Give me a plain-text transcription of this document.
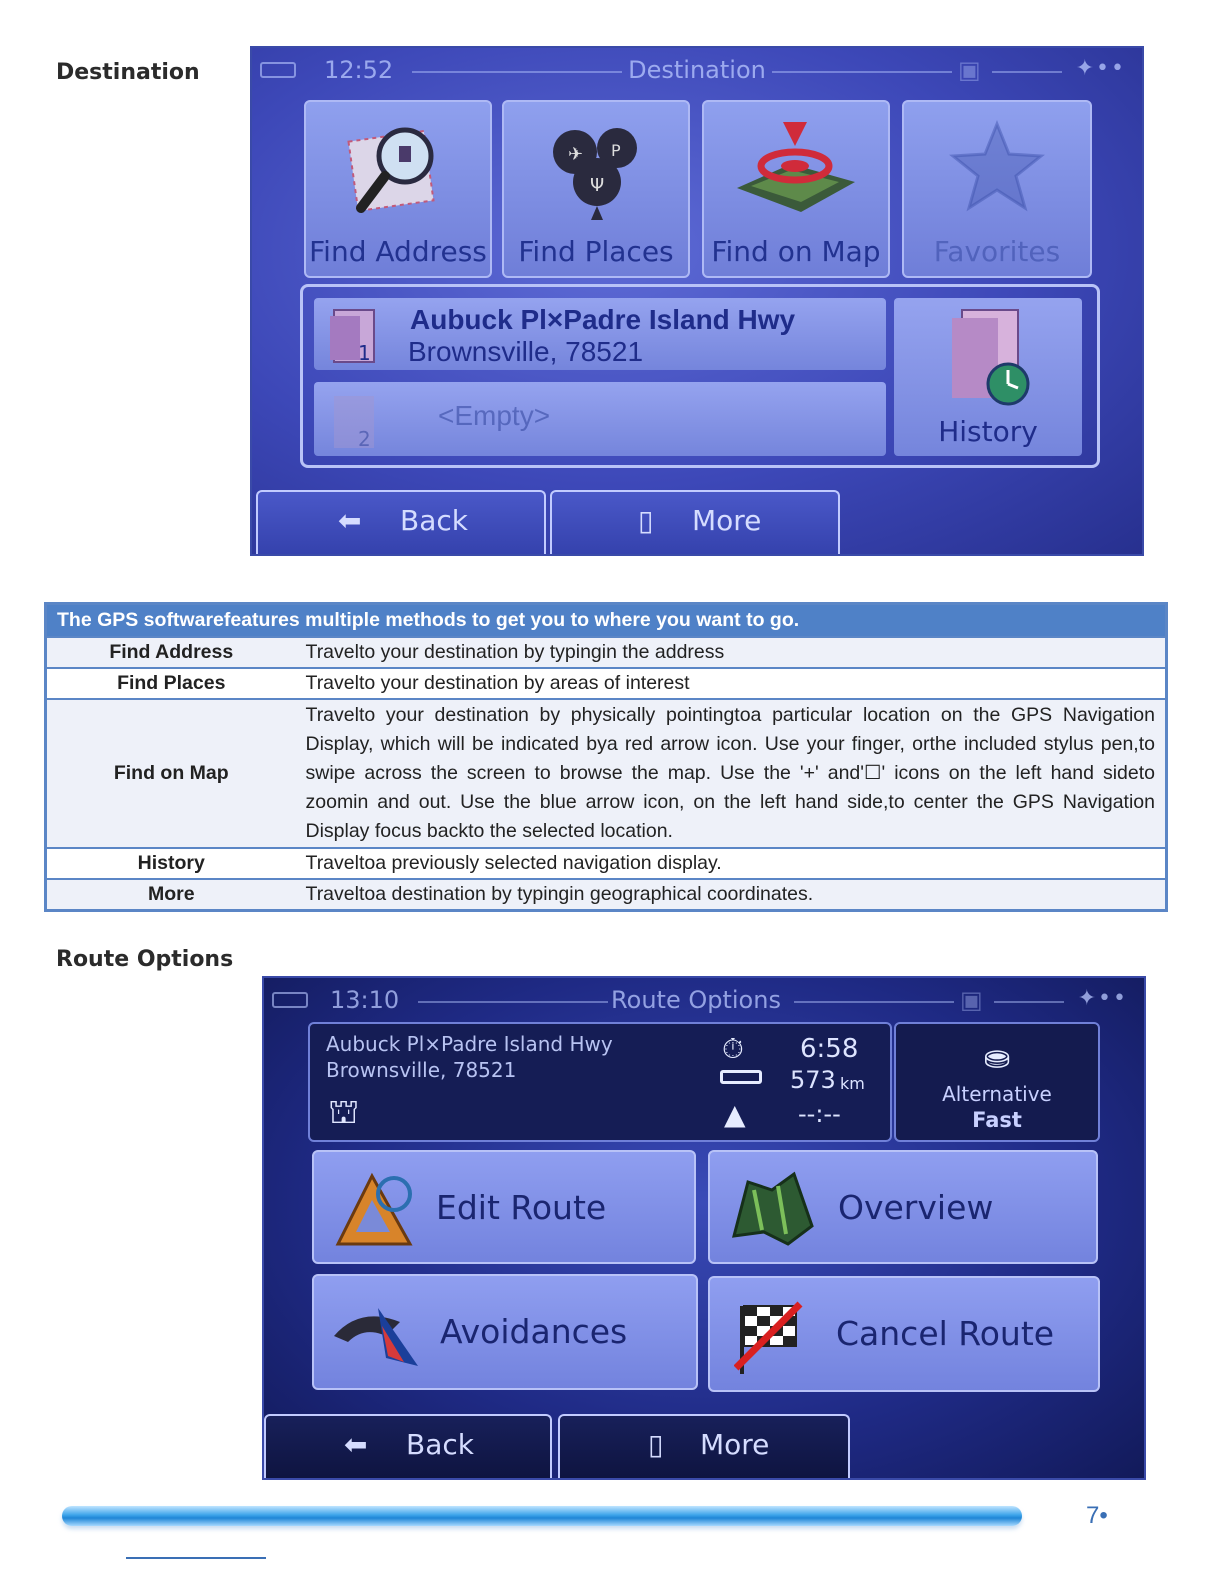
Destination	12:52	Destination	▣	✦••
Find Address
✈ P
Ψ
Find Places	Find on Map	Favorites
1
Aubuck Pl×Padre Island Hwy
Brownsville, 78521
2
<Empty>	History
⬅ Back	▯ More
The GPS softwarefeatures multiple methods to get you to where you want to go.	
Find Address	Travelto your destination by typingin the address
Find Places	Travelto your destination by areas of interest
Find on Map	Travelto your destination by physically pointingtoa particular location on the GPS Navigation Display, which will be indicated bya red arrow icon. Use your finger, orthe included stylus pen,to swipe across the screen to browse the map. Use the '+' and'☐' icons on the left hand sideto zoomin and out. Use the blue arrow icon, on the left hand side,to center the GPS Navigation Display focus backto the selected location.
History	Traveltoa previously selected navigation display.
More	Traveltoa destination by typingin geographical coordinates.
Route Options
13:10	Route Options	▣	✦••
Aubuck Pl×Padre Island Hwy
Brownsville, 78521
⛫
⏱ 6:58
573 km
▲ --:--
⛂
Alternative
Fast
Edit Route	Overview
Avoidances	Cancel Route
⬅ Back	▯ More
7•
